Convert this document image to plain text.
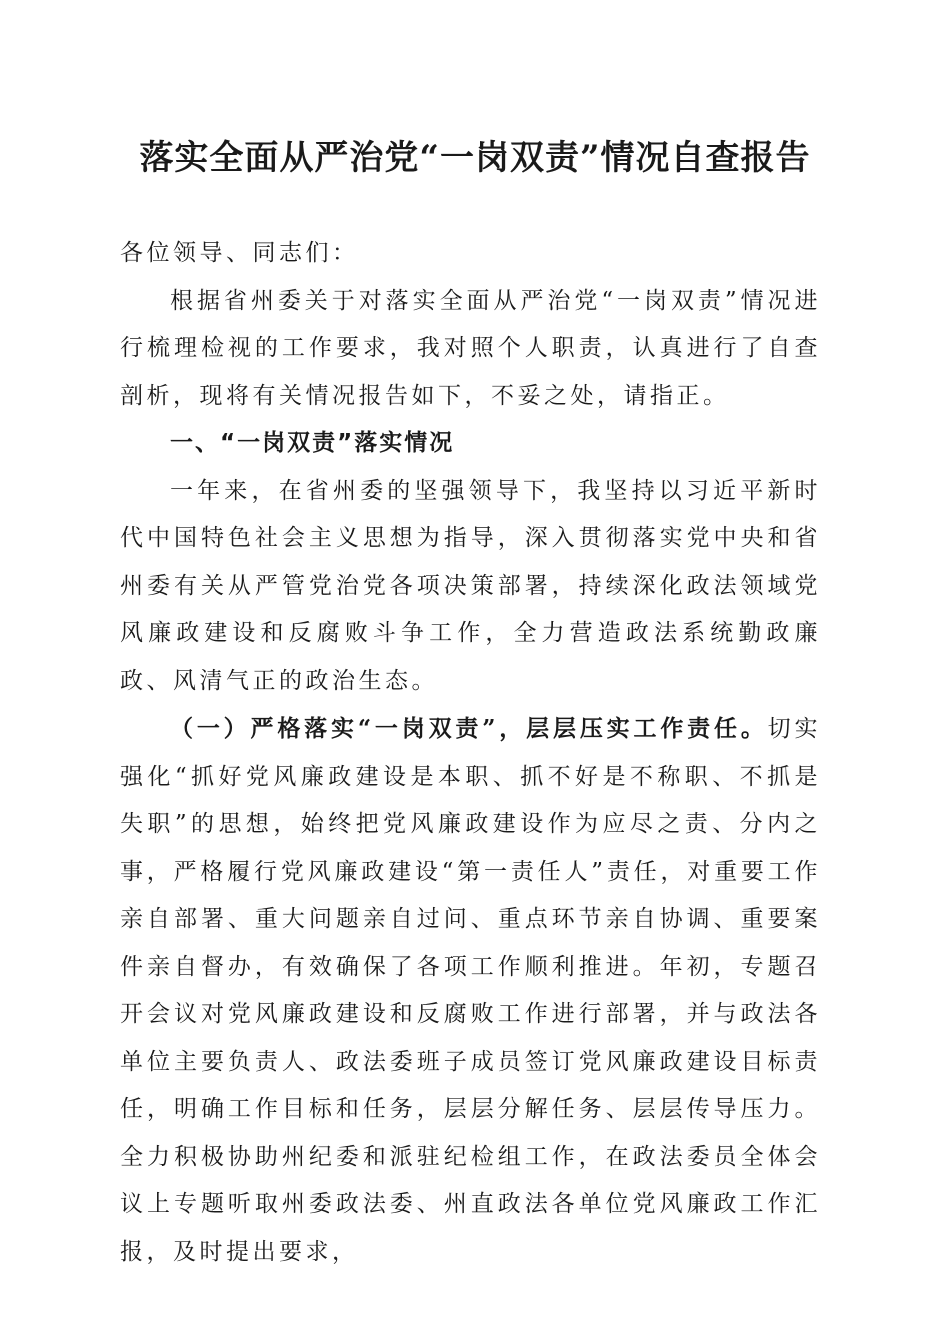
落实全面从严治党“一岗双责”情况自查报告

各位领导、同志们：

根据省州委关于对落实全面从严治党“一岗双责”情况进行梳理检视的工作要求，我对照个人职责，认真进行了自查剖析，现将有关情况报告如下，不妥之处，请指正。

一、“一岗双责”落实情况

一年来，在省州委的坚强领导下，我坚持以习近平新时代中国特色社会主义思想为指导，深入贯彻落实党中央和省州委有关从严管党治党各项决策部署，持续深化政法领域党风廉政建设和反腐败斗争工作，全力营造政法系统勤政廉政、风清气正的政治生态。

（一）严格落实“一岗双责”，层层压实工作责任。切实强化“抓好党风廉政建设是本职、抓不好是不称职、不抓是失职”的思想，始终把党风廉政建设作为应尽之责、分内之事，严格履行党风廉政建设“第一责任人”责任，对重要工作亲自部署、重大问题亲自过问、重点环节亲自协调、重要案件亲自督办，有效确保了各项工作顺利推进。年初，专题召开会议对党风廉政建设和反腐败工作进行部署，并与政法各单位主要负责人、政法委班子成员签订党风廉政建设目标责任，明确工作目标和任务，层层分解任务、层层传导压力。全力积极协助州纪委和派驻纪检组工作，在政法委员全体会议上专题听取州委政法委、州直政法各单位党风廉政工作汇报，及时提出要求，
